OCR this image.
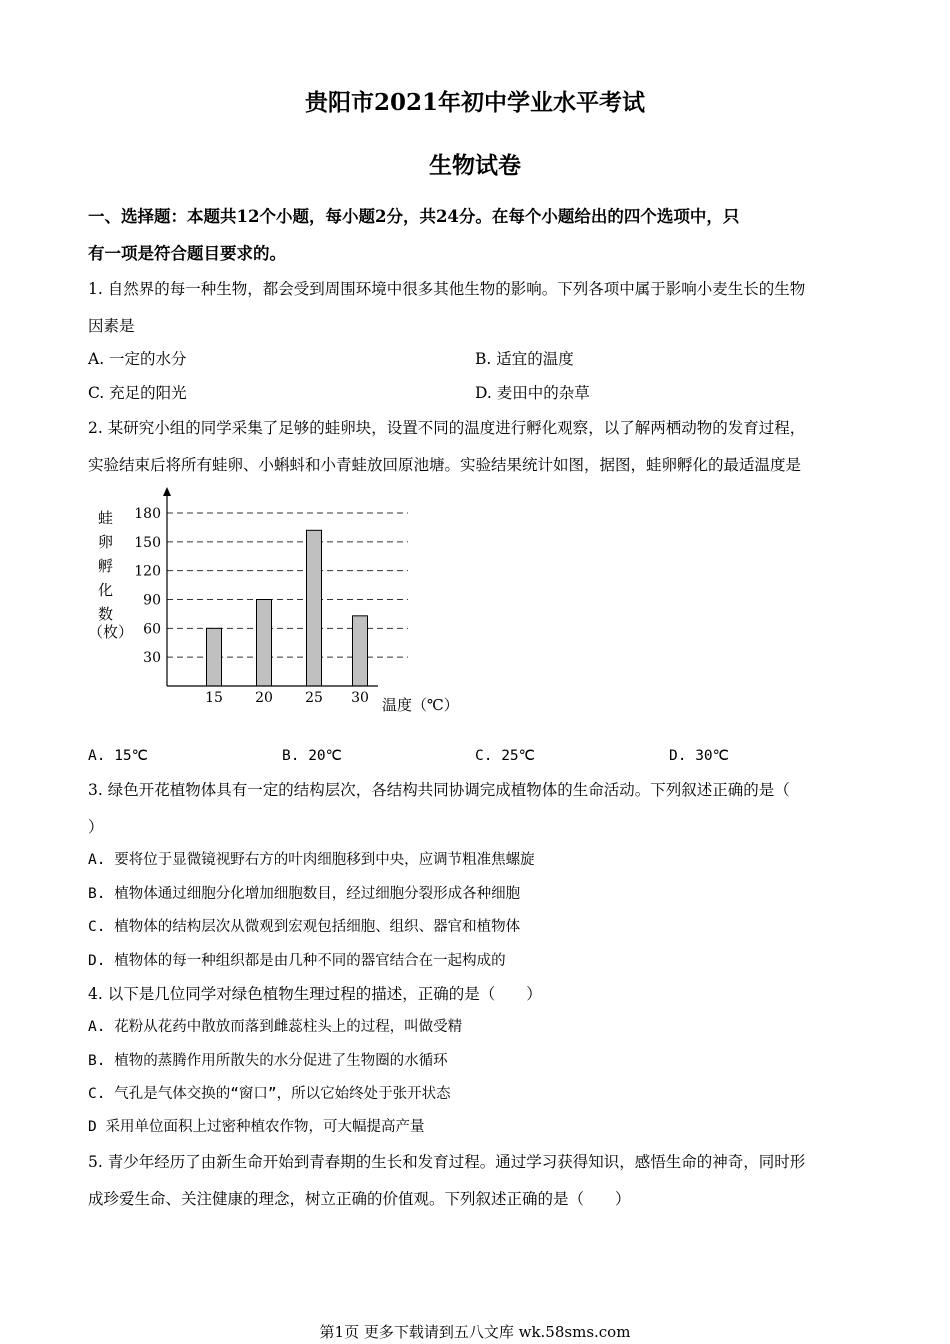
贵阳市2021年初中学业水平考试
生物试卷
一、选择题：本题共12个小题，每小题2分，共24分。在每个小题给出的四个选项中，只
有一项是符合题目要求的。
1. 自然界的每一种生物，都会受到周围环境中很多其他生物的影响。下列各项中属于影响小麦生长的生物
因素是
A. 一定的水分	B. 适宜的温度
C. 充足的阳光	D. 麦田中的杂草
2. 某研究小组的同学采集了足够的蛙卵块，设置不同的温度进行孵化观察，以了解两栖动物的发育过程，
实验结束后将所有蛙卵、小蝌蚪和小青蛙放回原池塘。实验结果统计如图，据图，蛙卵孵化的最适温度是
蛙
卵
孵
化
数
（枚）
30
60
90
120
150
180
15 20 25 30 温度（℃）
A. 15℃	B. 20℃	C. 25℃	D. 30℃
3. 绿色开花植物体具有一定的结构层次，各结构共同协调完成植物体的生命活动。下列叙述正确的是（
）
A. 要将位于显微镜视野右方的叶肉细胞移到中央，应调节粗准焦螺旋
B. 植物体通过细胞分化增加细胞数目，经过细胞分裂形成各种细胞
C. 植物体的结构层次从微观到宏观包括细胞、组织、器官和植物体
D. 植物体的每一种组织都是由几种不同的器官结合在一起构成的
4. 以下是几位同学对绿色植物生理过程的描述，正确的是（　　）
A. 花粉从花药中散放而落到雌蕊柱头上的过程，叫做受精
B. 植物的蒸腾作用所散失的水分促进了生物圈的水循环
C. 气孔是气体交换的“窗口”，所以它始终处于张开状态
D 采用单位面积上过密种植农作物，可大幅提高产量
5. 青少年经历了由新生命开始到青春期的生长和发育过程。通过学习获得知识，感悟生命的神奇，同时形
成珍爱生命、关注健康的理念，树立正确的价值观。下列叙述正确的是（　　）
第1页 更多下载请到五八文库 wk.58sms.com
